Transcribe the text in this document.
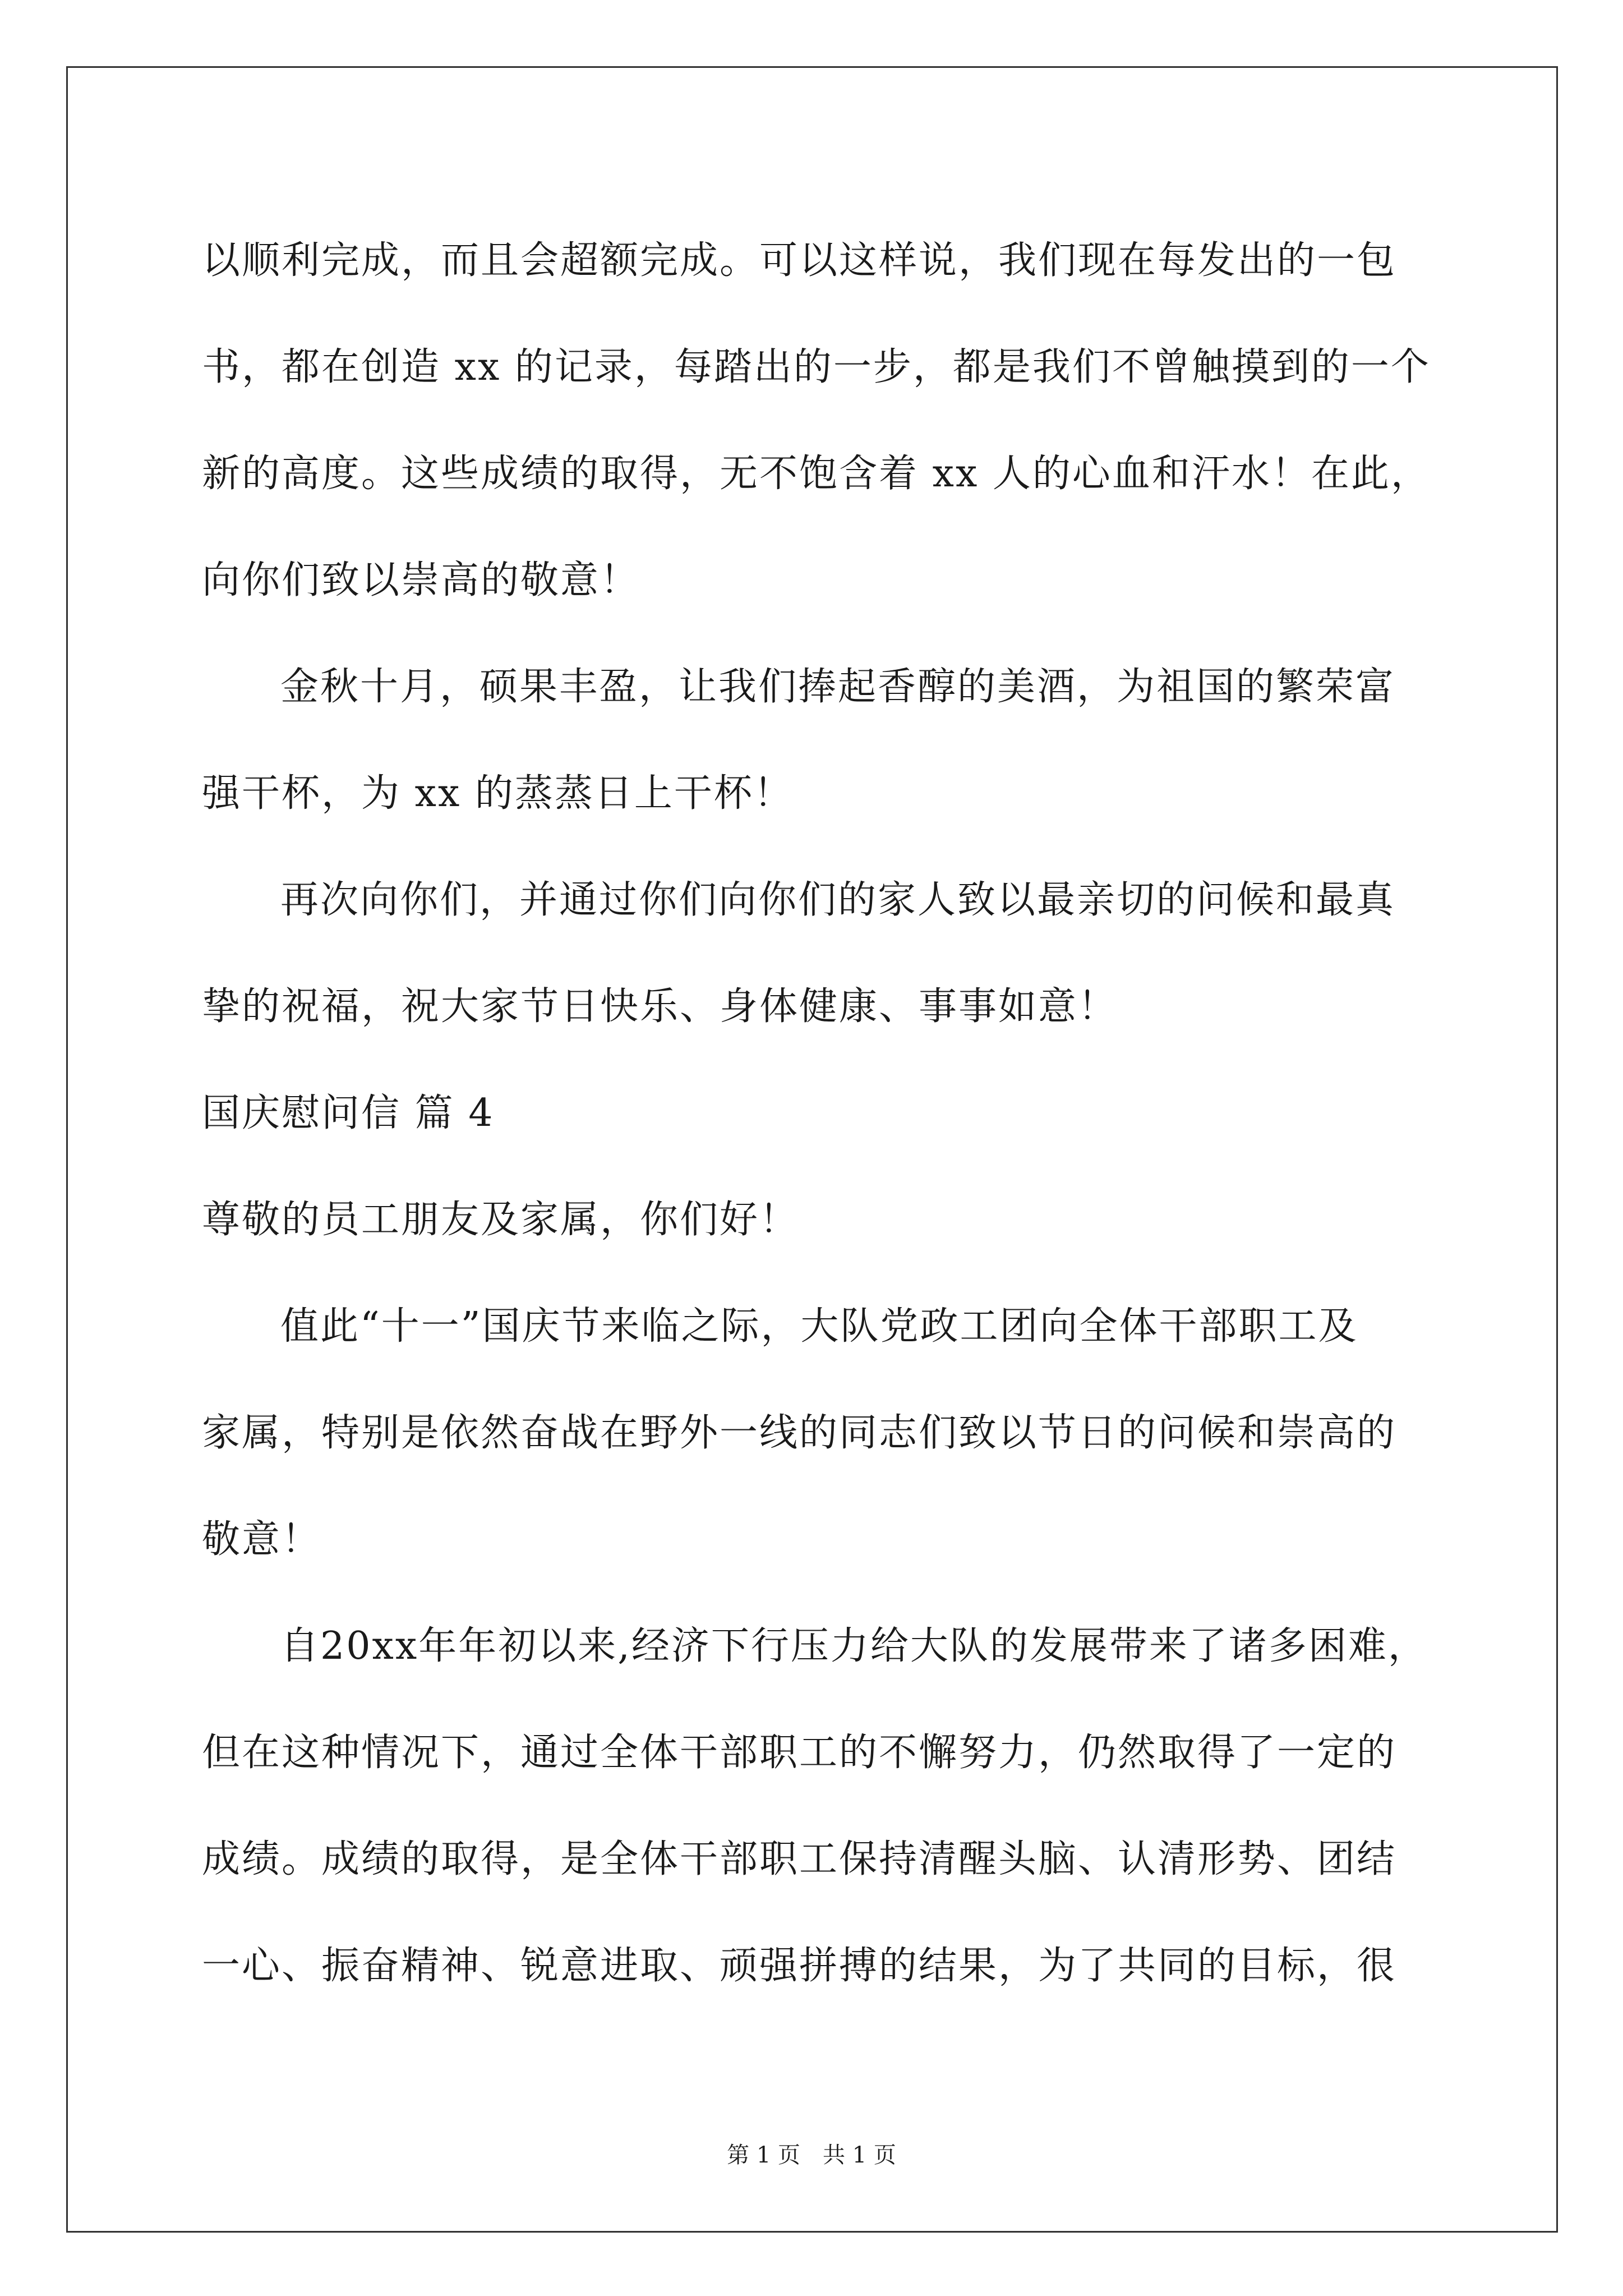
以顺利完成，而且会超额完成。可以这样说，我们现在每发出的一包
书，都在创造 xx 的记录，每踏出的一步，都是我们不曾触摸到的一个
新的高度。这些成绩的取得，无不饱含着 xx 人的心血和汗水！在此，
向你们致以崇高的敬意！
金秋十月，硕果丰盈，让我们捧起香醇的美酒，为祖国的繁荣富
强干杯，为 xx 的蒸蒸日上干杯！
再次向你们，并通过你们向你们的家人致以最亲切的问候和最真
挚的祝福，祝大家节日快乐、身体健康、事事如意！
国庆慰问信 篇 4
尊敬的员工朋友及家属，你们好！
值此“十一”国庆节来临之际，大队党政工团向全体干部职工及
家属，特别是依然奋战在野外一线的同志们致以节日的问候和崇高的
敬意！
自20xx年年初以来,经济下行压力给大队的发展带来了诸多困难，
但在这种情况下，通过全体干部职工的不懈努力，仍然取得了一定的
成绩。成绩的取得，是全体干部职工保持清醒头脑、认清形势、团结
一心、振奋精神、锐意进取、顽强拼搏的结果，为了共同的目标，很
第 1 页　共 1 页
